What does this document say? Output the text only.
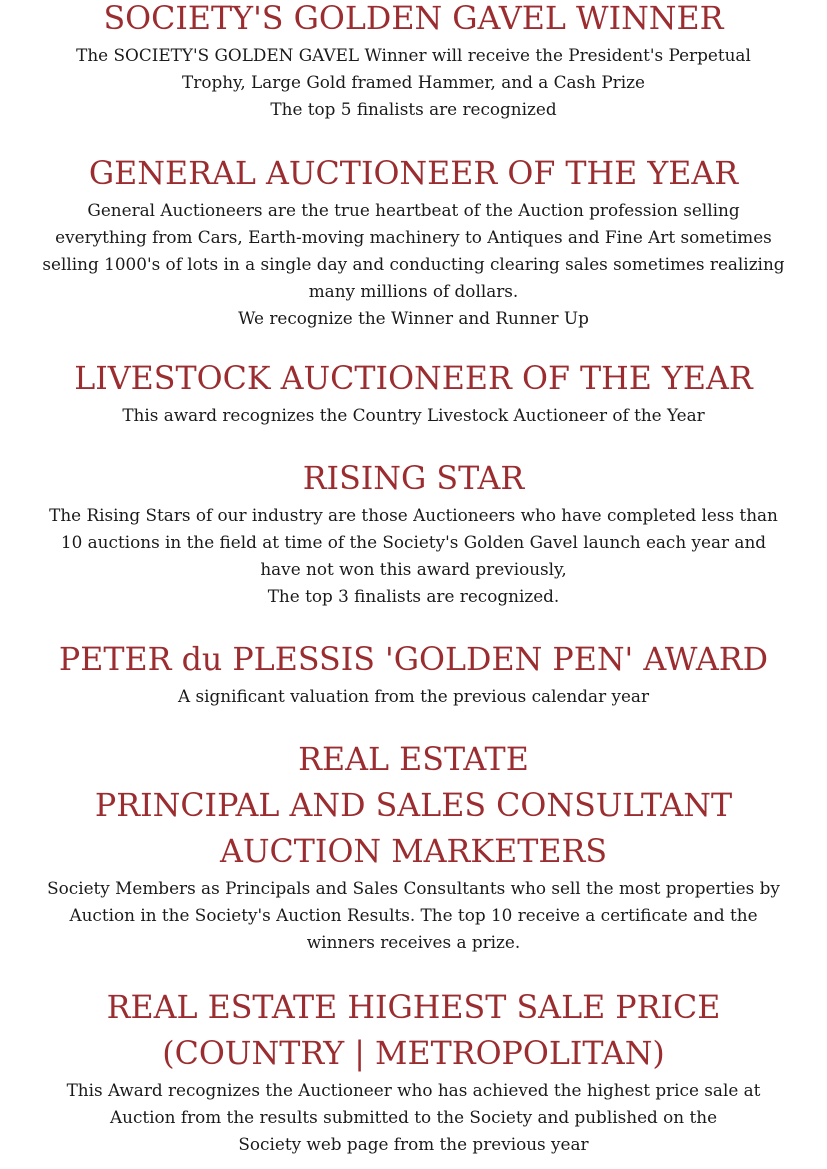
SOCIETY'S GOLDEN GAVEL WINNER
The SOCIETY'S GOLDEN GAVEL Winner will receive the President's Perpetual
Trophy, Large Gold framed Hammer, and a Cash Prize
The top 5 finalists are recognized
GENERAL AUCTIONEER OF THE YEAR
General Auctioneers are the true heartbeat of the Auction profession selling
everything from Cars, Earth-moving machinery to Antiques and Fine Art sometimes
selling 1000's of lots in a single day and conducting clearing sales sometimes realizing
many millions of dollars.
We recognize the Winner and Runner Up
LIVESTOCK AUCTIONEER OF THE YEAR
This award recognizes the Country Livestock Auctioneer of the Year
RISING STAR
The Rising Stars of our industry are those Auctioneers who have completed less than
10 auctions in the field at time of the Society's Golden Gavel launch each year and
have not won this award previously,
The top 3 finalists are recognized.
PETER du PLESSIS 'GOLDEN PEN' AWARD
A significant valuation from the previous calendar year
REAL ESTATE
PRINCIPAL AND SALES CONSULTANT
AUCTION MARKETERS
Society Members as Principals and Sales Consultants who sell the most properties by
Auction in the Society's Auction Results. The top 10 receive a certificate and the
winners receives a prize.
REAL ESTATE HIGHEST SALE PRICE
(COUNTRY | METROPOLITAN)
This Award recognizes the Auctioneer who has achieved the highest price sale at
Auction from the results submitted to the Society and published on the
Society web page from the previous year
